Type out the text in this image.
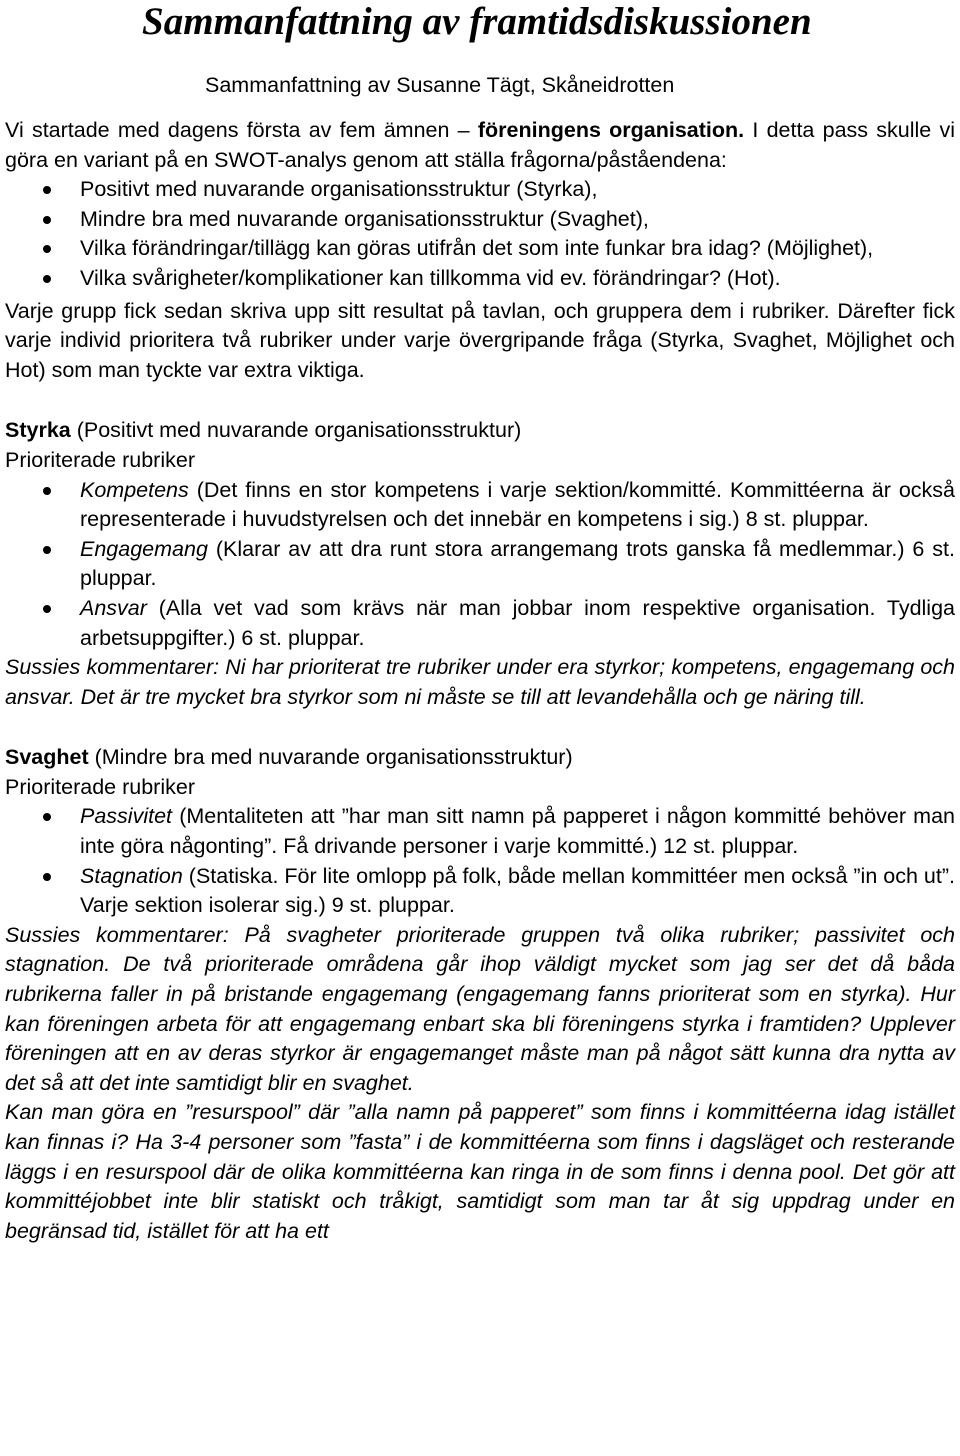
Sammanfattning av framtidsdiskussionen

Sammanfattning av Susanne Tägt, Skåneidrotten

Vi startade med dagens första av fem ämnen – föreningens organisation. I detta pass skulle vi göra en variant på en SWOT-analys genom att ställa frågorna/påståendena:

Positivt med nuvarande organisationsstruktur (Styrka),
Mindre bra med nuvarande organisationsstruktur (Svaghet),
Vilka förändringar/tillägg kan göras utifrån det som inte funkar bra idag? (Möjlighet),
Vilka svårigheter/komplikationer kan tillkomma vid ev. förändringar? (Hot).

Varje grupp fick sedan skriva upp sitt resultat på tavlan, och gruppera dem i rubriker. Därefter fick varje individ prioritera två rubriker under varje övergripande fråga (Styrka, Svaghet, Möjlighet och Hot) som man tyckte var extra viktiga.

Styrka (Positivt med nuvarande organisationsstruktur)

Prioriterade rubriker

Kompetens (Det finns en stor kompetens i varje sektion/kommitté. Kommittéerna är också representerade i huvudstyrelsen och det innebär en kompetens i sig.) 8 st. pluppar.
Engagemang (Klarar av att dra runt stora arrangemang trots ganska få medlemmar.) 6 st. pluppar.
Ansvar (Alla vet vad som krävs när man jobbar inom respektive organisation. Tydliga arbetsuppgifter.) 6 st. pluppar.

Sussies kommentarer: Ni har prioriterat tre rubriker under era styrkor; kompetens, engagemang och ansvar. Det är tre mycket bra styrkor som ni måste se till att levandehålla och ge näring till.

Svaghet (Mindre bra med nuvarande organisationsstruktur)

Prioriterade rubriker

Passivitet (Mentaliteten att ”har man sitt namn på papperet i någon kommitté behöver man inte göra någonting”. Få drivande personer i varje kommitté.) 12 st. pluppar.
Stagnation (Statiska. För lite omlopp på folk, både mellan kommittéer men också ”in och ut”. Varje sektion isolerar sig.) 9 st. pluppar.

Sussies kommentarer: På svagheter prioriterade gruppen två olika rubriker; passivitet och stagnation. De två prioriterade områdena går ihop väldigt mycket som jag ser det då båda rubrikerna faller in på bristande engagemang (engagemang fanns prioriterat som en styrka). Hur kan föreningen arbeta för att engagemang enbart ska bli föreningens styrka i framtiden? Upplever föreningen att en av deras styrkor är engagemanget måste man på något sätt kunna dra nytta av det så att det inte samtidigt blir en svaghet.

Kan man göra en ”resurspool” där ”alla namn på papperet” som finns i kommittéerna idag istället kan finnas i? Ha 3-4 personer som ”fasta” i de kommittéerna som finns i dagsläget och resterande läggs i en resurspool där de olika kommittéerna kan ringa in de som finns i denna pool. Det gör att kommittéjobbet inte blir statiskt och tråkigt, samtidigt som man tar åt sig uppdrag under en begränsad tid, istället för att ha ett
